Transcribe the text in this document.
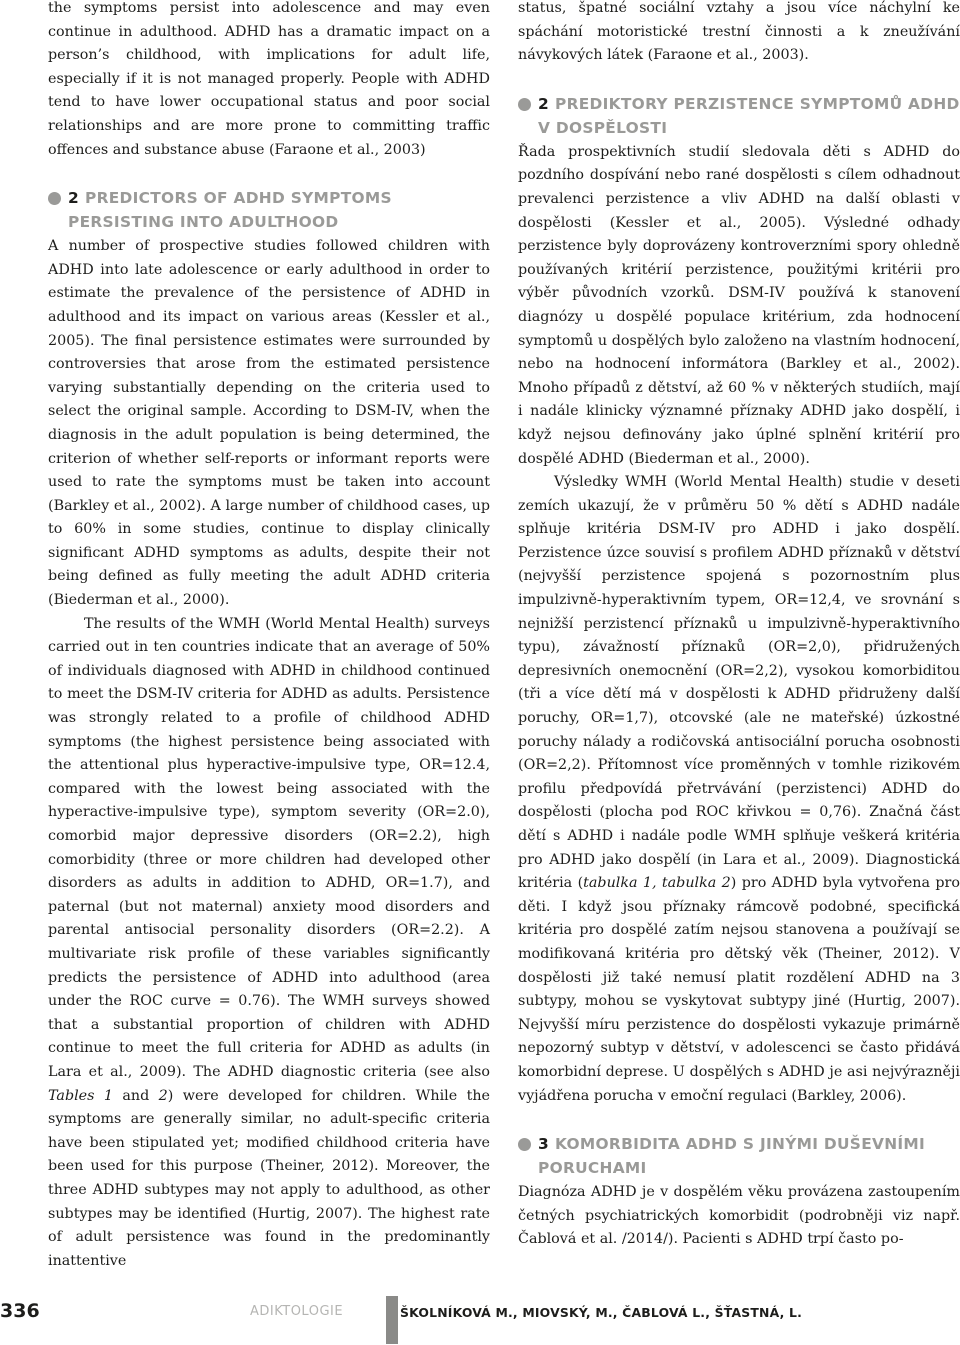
the symptoms persist into adolescence and may even continue in adulthood. ADHD has a dramatic impact on a person’s childhood, with implications for adult life, especially if it is not managed properly. People with ADHD tend to have lower occupational status and poor social relationships and are more prone to committing traffic offences and substance abuse (Faraone et al., 2003)

2 PREDICTORS OF ADHD SYMPTOMS PERSISTING INTO ADULTHOOD

A number of prospective studies followed children with ADHD into late adolescence or early adulthood in order to estimate the prevalence of the persistence of ADHD in adulthood and its impact on various areas (Kessler et al., 2005). The final persistence estimates were surrounded by controversies that arose from the estimated persistence varying substantially depending on the criteria used to select the original sample. According to DSM-IV, when the diagnosis in the adult population is being determined, the criterion of whether self-reports or informant reports were used to rate the symptoms must be taken into account (Barkley et al., 2002). A large number of childhood cases, up to 60% in some studies, continue to display clinically significant ADHD symptoms as adults, despite their not being defined as fully meeting the adult ADHD criteria (Biederman et al., 2000).

The results of the WMH (World Mental Health) surveys carried out in ten countries indicate that an average of 50% of individuals diagnosed with ADHD in childhood continued to meet the DSM-IV criteria for ADHD as adults. Persistence was strongly related to a profile of childhood ADHD symptoms (the highest persistence being associated with the attentional plus hyperactive-impulsive type, OR=12.4, compared with the lowest being associated with the hyperactive-impulsive type), symptom severity (OR=2.0), comorbid major depressive disorders (OR=2.2), high comorbidity (three or more children had developed other disorders as adults in addition to ADHD, OR=1.7), and paternal (but not maternal) anxiety mood disorders and parental antisocial personality disorders (OR=2.2). A multivariate risk profile of these variables significantly predicts the persistence of ADHD into adulthood (area under the ROC curve = 0.76). The WMH surveys showed that a substantial proportion of children with ADHD continue to meet the full criteria for ADHD as adults (in Lara et al., 2009). The ADHD diagnostic criteria (see also Tables 1 and 2) were developed for children. While the symptoms are generally similar, no adult-specific criteria have been stipulated yet; modified childhood criteria have been used for this purpose (Theiner, 2012). Moreover, the three ADHD subtypes may not apply to adulthood, as other subtypes may be identified (Hurtig, 2007). The highest rate of adult persistence was found in the predominantly inattentive

status, špatné sociální vztahy a jsou více náchylní ke spáchání motoristické trestní činnosti a k zneužívání návykových látek (Faraone et al., 2003).

2 PREDIKTORY PERZISTENCE SYMPTOMŮ ADHD V DOSPĚLOSTI

Řada prospektivních studií sledovala děti s ADHD do pozdního dospívání nebo rané dospělosti s cílem odhadnout prevalenci perzistence a vliv ADHD na další oblasti v dospělosti (Kessler et al., 2005). Výsledné odhady perzistence byly doprovázeny kontroverzními spory ohledně používaných kritérií perzistence, použitými kritérii pro výběr původních vzorků. DSM-IV používá k stanovení diagnózy u dospělé populace kritérium, zda hodnocení symptomů u dospělých bylo založeno na vlastním hodnocení, nebo na hodnocení informátora (Barkley et al., 2002). Mnoho případů z dětství, až 60 % v některých studiích, mají i nadále klinicky významné příznaky ADHD jako dospělí, i když nejsou definovány jako úplné splnění kritérií pro dospělé ADHD (Biederman et al., 2000).

Výsledky WMH (World Mental Health) studie v deseti zemích ukazují, že v průměru 50 % dětí s ADHD nadále splňuje kritéria DSM-IV pro ADHD i jako dospělí. Perzistence úzce souvisí s profilem ADHD příznaků v dětství (nejvyšší perzistence spojená s pozornostním plus impulzivně-hyperaktivním typem, OR=12,4, ve srovnání s nejnižší perzistencí příznaků u impulzivně-hyperaktivního typu), závažností příznaků (OR=2,0), přidružených depresivních onemocnění (OR=2,2), vysokou komorbiditou (tři a více dětí má v dospělosti k ADHD přidruženy další poruchy, OR=1,7), otcovské (ale ne mateřské) úzkostné poruchy nálady a rodičovská antisociální porucha osobnosti (OR=2,2). Přítomnost více proměnných v tomhle rizikovém profilu předpovídá přetrvávání (perzistenci) ADHD do dospělosti (plocha pod ROC křivkou = 0,76). Značná část dětí s ADHD i nadále podle WMH splňuje veškerá kritéria pro ADHD jako dospělí (in Lara et al., 2009). Diagnostická kritéria (tabulka 1, tabulka 2) pro ADHD byla vytvořena pro děti. I když jsou příznaky rámcově podobné, specifická kritéria pro dospělé zatím nejsou stanovena a používají se modifikovaná kritéria pro dětský věk (Theiner, 2012). V dospělosti již také nemusí platit rozdělení ADHD na 3 subtypy, mohou se vyskytovat subtypy jiné (Hurtig, 2007). Nejvyšší míru perzistence do dospělosti vykazuje primárně nepozorný subtyp v dětství, v adolescenci se často přidává komorbidní deprese. U dospělých s ADHD je asi nejvýrazněji vyjádřena porucha v emoční regulaci (Barkley, 2006).

3 KOMORBIDITA ADHD S JINÝMI DUŠEVNÍMI PORUCHAMI

Diagnóza ADHD je v dospělém věku provázena zastoupením četných psychiatrických komorbidit (podrobněji viz např. Čablová et al. /2014/). Pacienti s ADHD trpí často po-

336	ADIKTOLOGIE	ŠKOLNÍKOVÁ M., MIOVSKÝ, M., ČABLOVÁ L., ŠŤASTNÁ, L.
